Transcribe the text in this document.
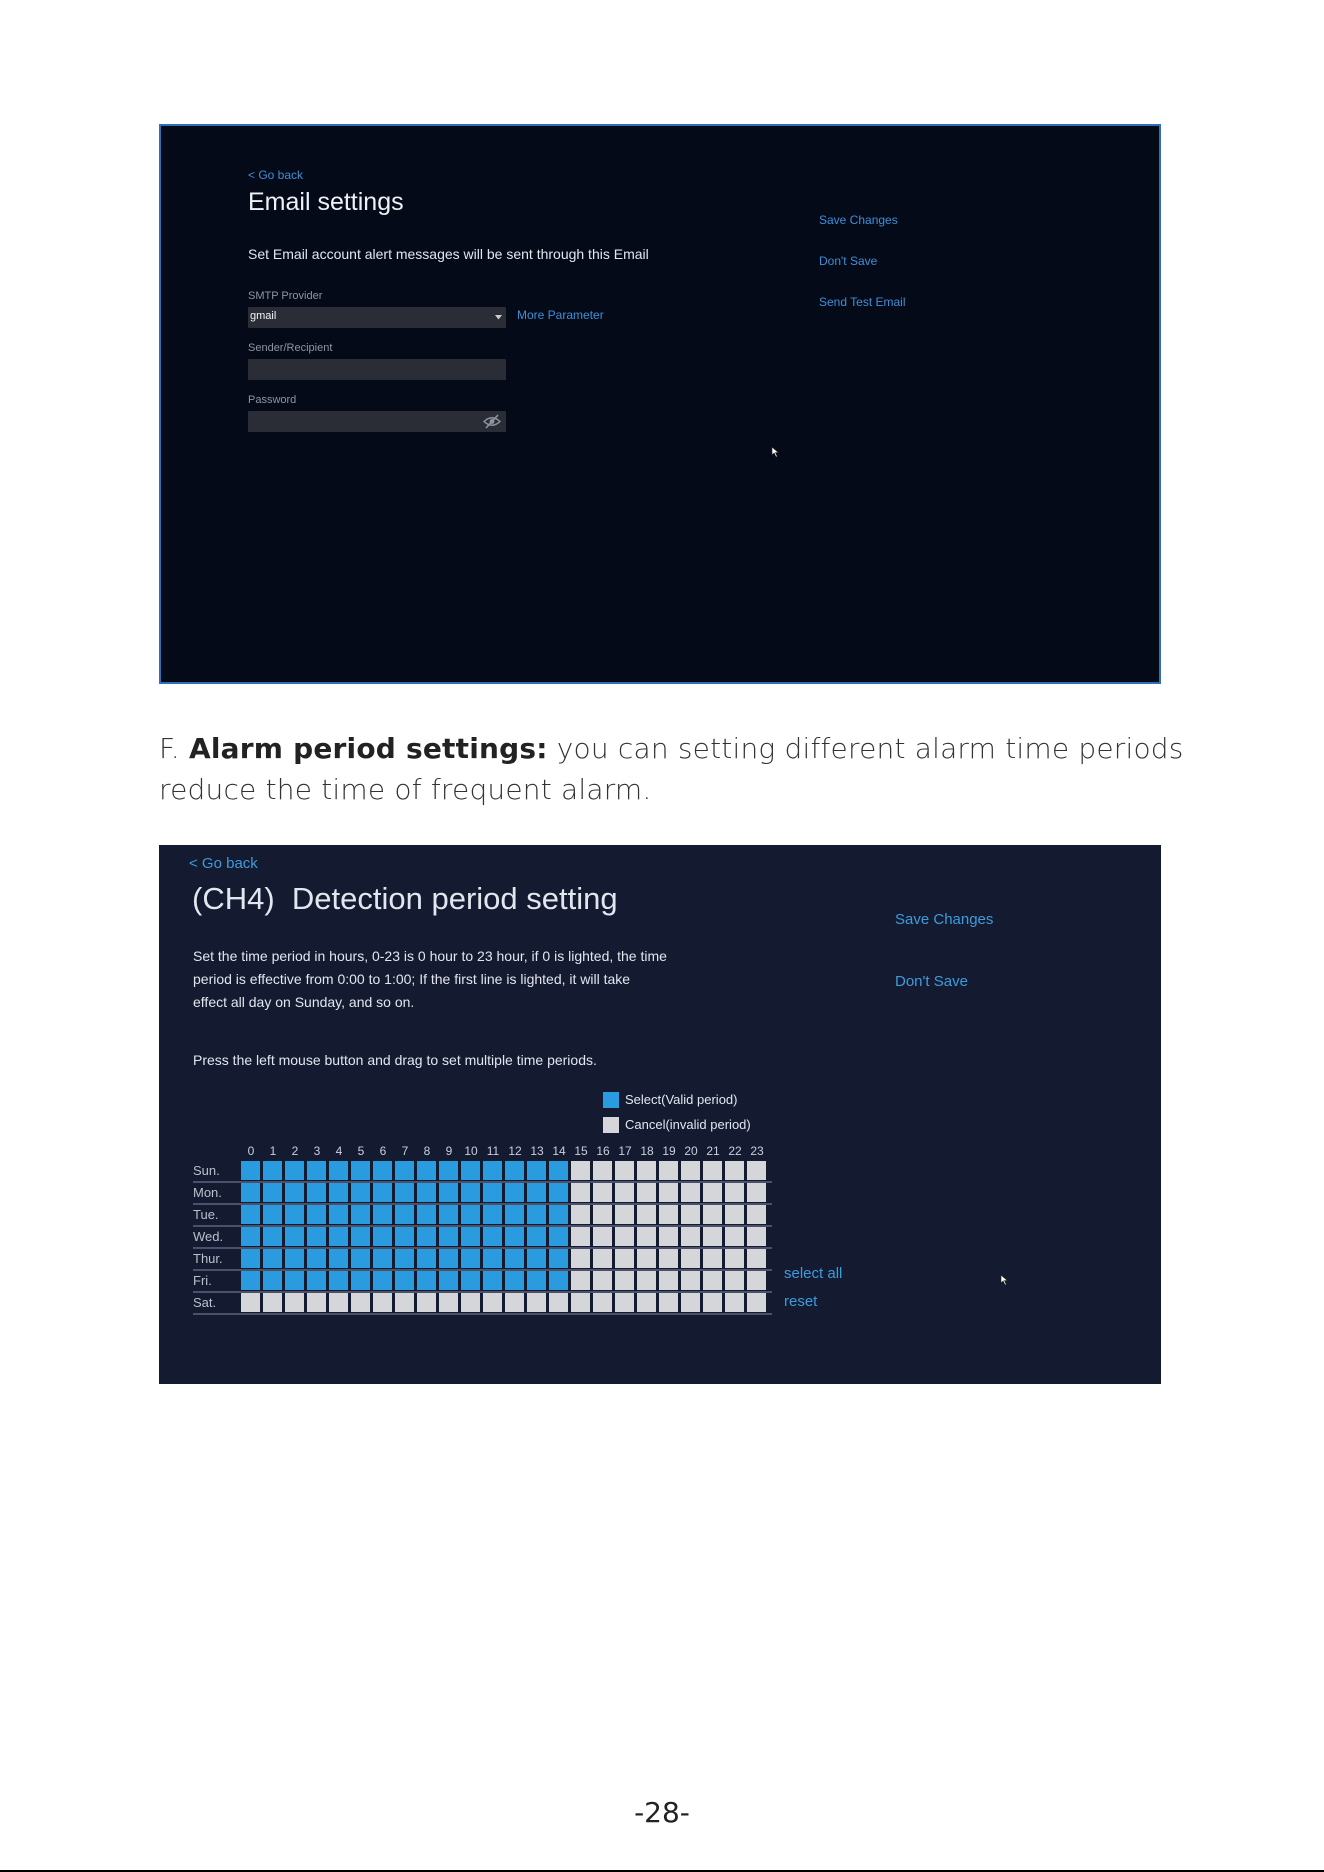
< Go back
Email settings
Set Email account alert messages will be sent through this Email
SMTP Provider
gmail	More Parameter
Sender/Recipient
Password
Save Changes
Don't Save
Send Test Email
F. Alarm period settings: you can setting different alarm time periods
reduce the time of frequent alarm.
< Go back
(CH4)  Detection period setting
Set the time period in hours, 0-23 is 0 hour to 23 hour, if 0 is lighted, the time
period is effective from 0:00 to 1:00; If the first line is lighted, it will take
effect all day on Sunday, and so on.
Press the left mouse button and drag to set multiple time periods.
Select(Valid period)
Cancel(invalid period)
0 1 2 3 4 5 6 7 8 9 10 11 12 13 14 15 16 17 18 19 20 21 22 23
Sun.
Mon.
Tue.
Wed.
Thur.
Fri.
Sat.
Save Changes
Don't Save
select all
reset
-28-
